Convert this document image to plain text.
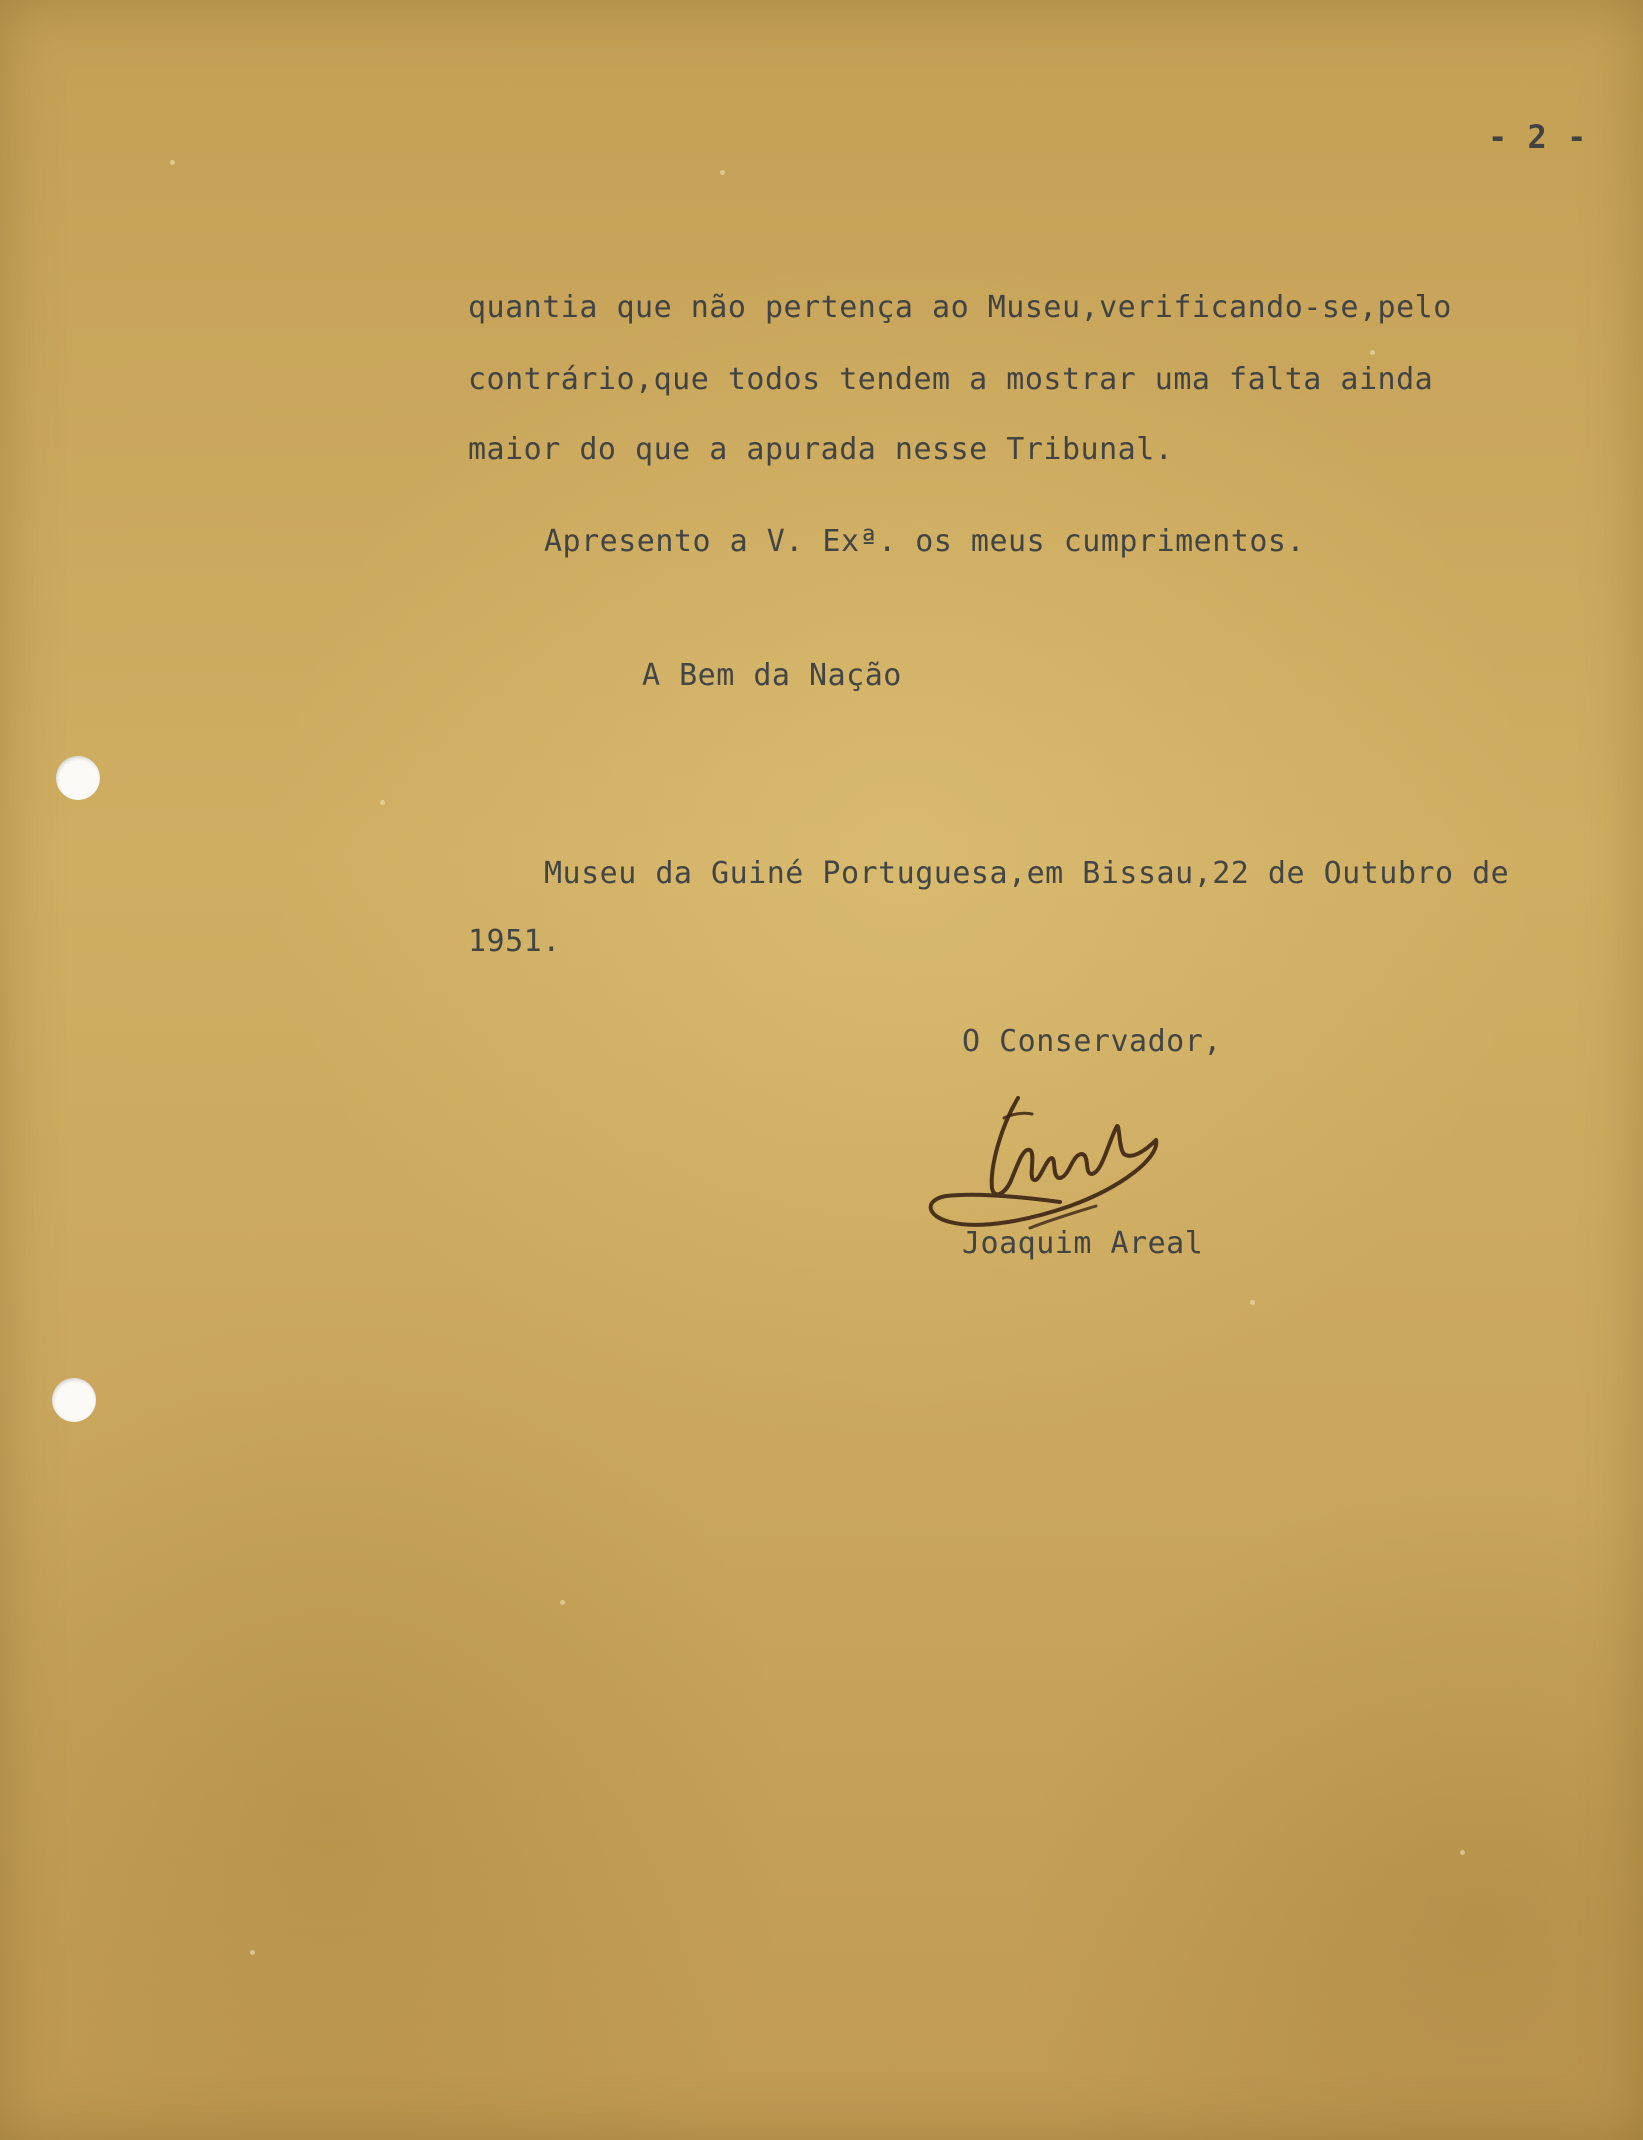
- 2 -
quantia que não pertença ao Museu,verificando-se,pelo
contrário,que todos tendem a mostrar uma falta ainda
maior do que a apurada nesse Tribunal.
Apresento a V. Exª. os meus cumprimentos.
A Bem da Nação
Museu da Guiné Portuguesa,em Bissau,22 de Outubro de
1951.
O Conservador,
Joaquim Areal
